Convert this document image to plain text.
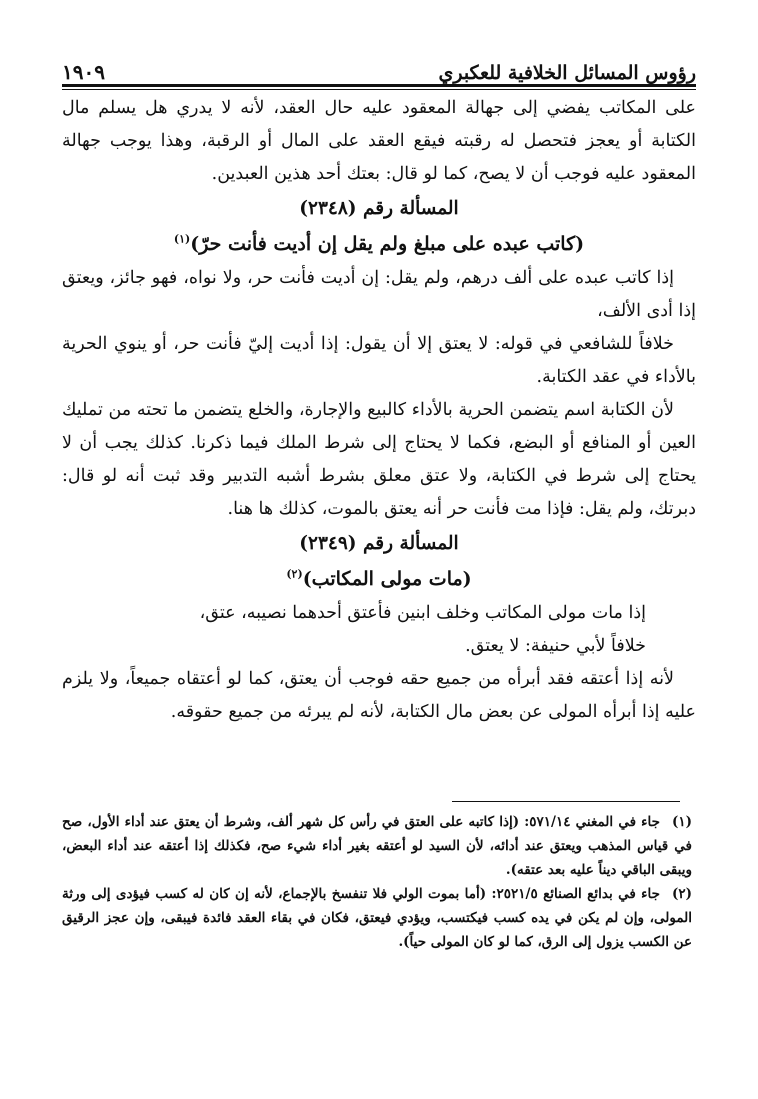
رؤوس المسائل الخلافية للعكبري
١٩٠٩

على المكاتب يفضي إلى جهالة المعقود عليه حال العقد، لأنه لا يدري هل يسلم مال الكتابة أو يعجز فتحصل له رقبته فيقع العقد على المال أو الرقبة، وهذا يوجب جهالة المعقود عليه فوجب أن لا يصح، كما لو قال: بعتك أحد هذين العبدين.

المسألة رقم (٢٣٤٨)

(كاتب عبده على مبلغ ولم يقل إن أديت فأنت حرّ)$^{(١)}$

إذا كاتب عبده على ألف درهم، ولم يقل: إن أديت فأنت حر، ولا نواه، فهو جائز، ويعتق إذا أدى الألف،

خلافاً للشافعي في قوله: لا يعتق إلا أن يقول: إذا أديت إليّ فأنت حر، أو ينوي الحرية بالأداء في عقد الكتابة.

لأن الكتابة اسم يتضمن الحرية بالأداء كالبيع والإجارة، والخلع يتضمن ما تحته من تمليك العين أو المنافع أو البضع، فكما لا يحتاج إلى شرط الملك فيما ذكرنا. كذلك يجب أن لا يحتاج إلى شرط في الكتابة، ولا عتق معلق بشرط أشبه التدبير وقد ثبت أنه لو قال: دبرتك، ولم يقل: فإذا مت فأنت حر أنه يعتق بالموت، كذلك ها هنا.

المسألة رقم (٢٣٤٩)

(مات مولى المكاتب)$^{(٢)}$

إذا مات مولى المكاتب وخلف ابنين فأعتق أحدهما نصيبه، عتق،

خلافاً لأبي حنيفة: لا يعتق.

لأنه إذا أعتقه فقد أبرأه من جميع حقه فوجب أن يعتق، كما لو أعتقاه جميعاً، ولا يلزم عليه إذا أبرأه المولى عن بعض مال الكتابة، لأنه لم يبرئه من جميع حقوقه.

(١)جاء في المغني ٥٧١/١٤: (إذا كاتبه على العتق في رأس كل شهر ألف، وشرط أن يعتق عند أداء الأول، صح في قياس المذهب ويعتق عند أدائه، لأن السيد لو أعتقه بغير أداء شيء صح، فكذلك إذا أعتقه عند أداء البعض، ويبقى الباقي ديناً عليه بعد عتقه).

(٢)جاء في بدائع الصنائع ٢٥٢١/٥: (أما بموت الولي فلا تنفسخ بالإجماع، لأنه إن كان له كسب فيؤدى إلى ورثة المولى، وإن لم يكن في يده كسب فيكتسب، ويؤدي فيعتق، فكان في بقاء العقد فائدة فيبقى، وإن عجز الرقيق عن الكسب يزول إلى الرق، كما لو كان المولى حياً).
